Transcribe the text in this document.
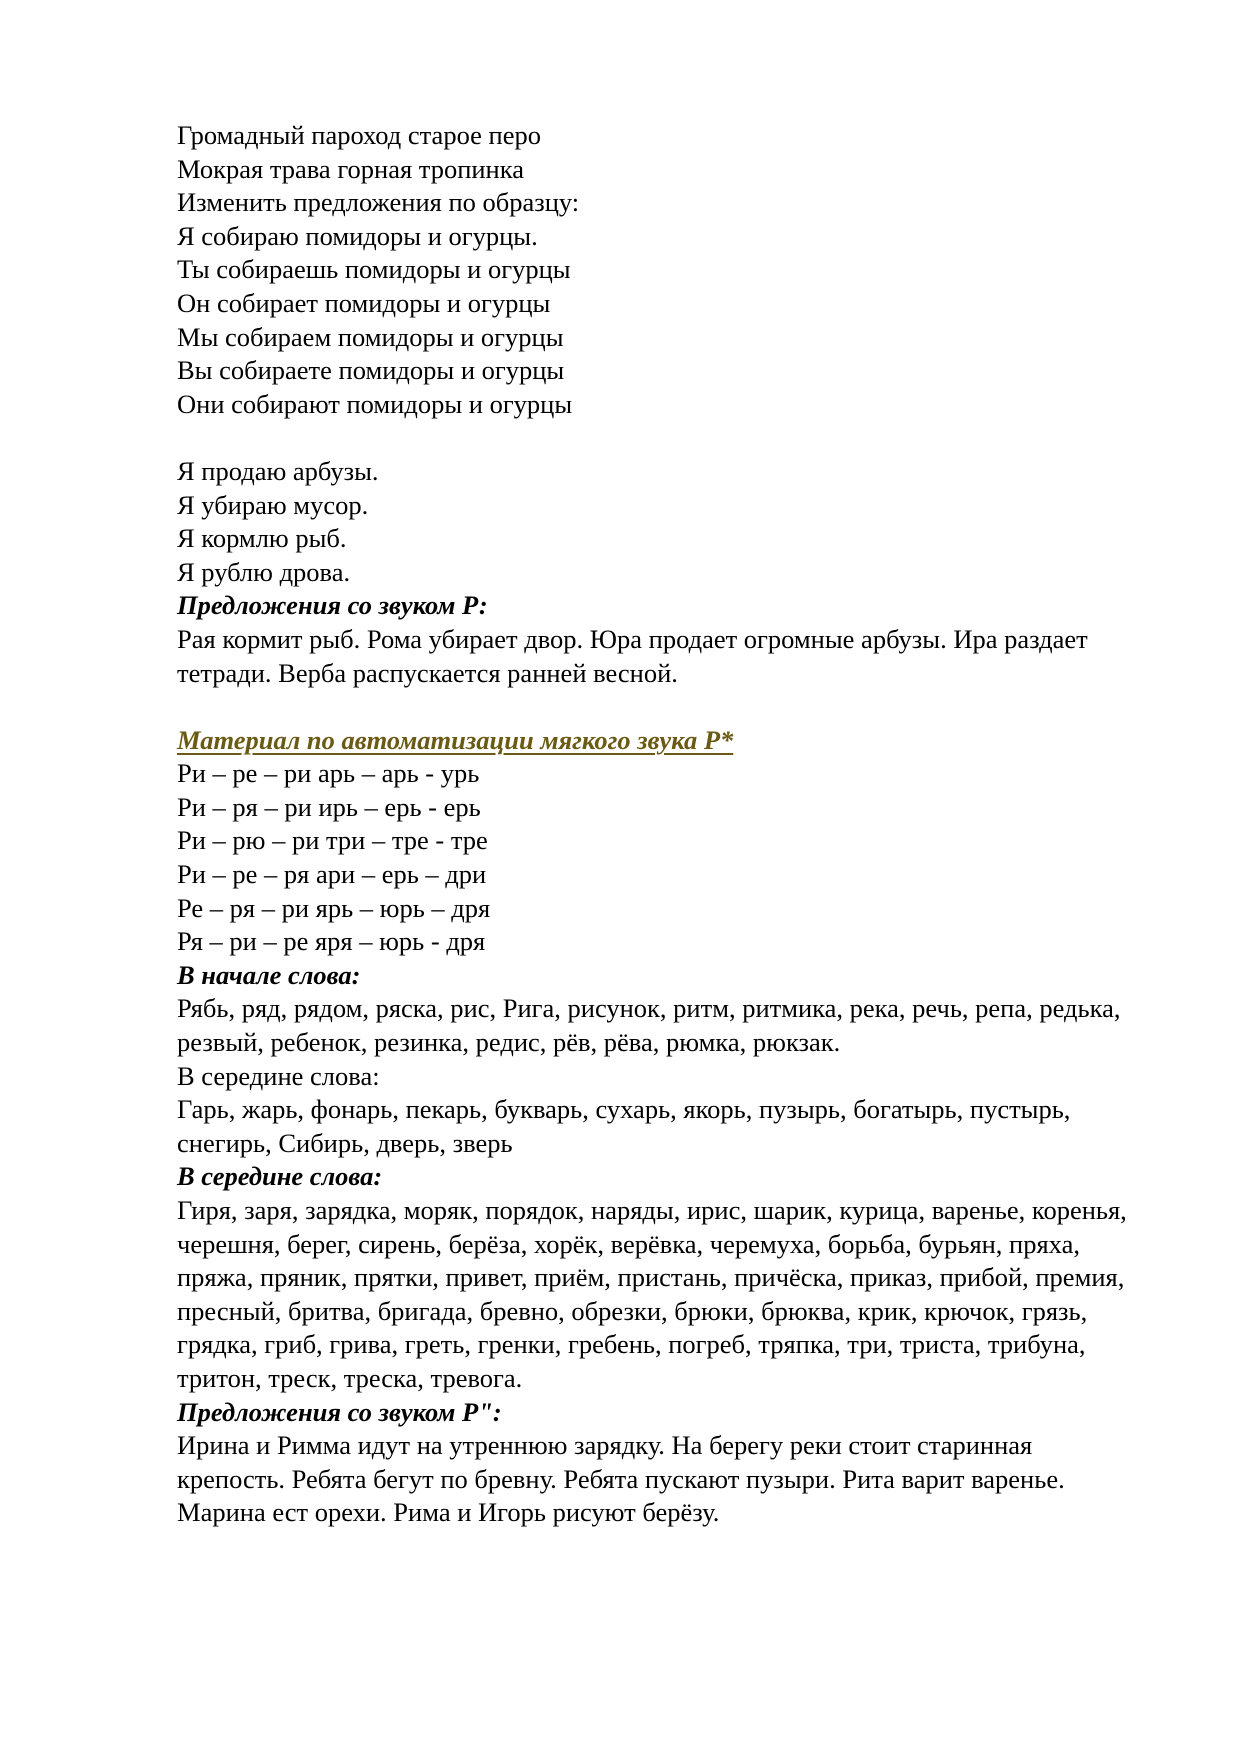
Громадный пароход старое перо
Мокрая трава горная тропинка
Изменить предложения по образцу:
Я собираю помидоры и огурцы.
Ты собираешь помидоры и огурцы
Он собирает помидоры и огурцы
Мы собираем помидоры и огурцы
Вы собираете помидоры и огурцы
Они собирают помидоры и огурцы
Я продаю арбузы.
Я убираю мусор.
Я кормлю рыб.
Я рублю дрова.
Предложения со звуком Р:
Рая кормит рыб. Рома убирает двор. Юра продает огромные арбузы. Ира раздает тетради. Верба распускается ранней весной.
Материал по автоматизации мягкого звука Р*
Ри – ре – ри арь – арь - урь
Ри – ря – ри ирь – ерь - ерь
Ри – рю – ри три – тре - тре
Ри – ре – ря ари – ерь – дри
Ре – ря – ри ярь – юрь – дря
Ря – ри – ре яря – юрь - дря
В начале слова:
Рябь, ряд, рядом, ряска, рис, Рига, рисунок, ритм, ритмика, река, речь, репа, редька, резвый, ребенок, резинка, редис, рёв, рёва, рюмка, рюкзак.
В середине слова:
Гарь, жарь, фонарь, пекарь, букварь, сухарь, якорь, пузырь, богатырь, пустырь, снегирь, Сибирь, дверь, зверь
В середине слова:
Гиря, заря, зарядка, моряк, порядок, наряды, ирис, шарик, курица, варенье, коренья, черешня, берег, сирень, берёза, хорёк, верёвка, черемуха, борьба, бурьян, пряха, пряжа, пряник, прятки, привет, приём, пристань, причёска, приказ, прибой, премия, пресный, бритва, бригада, бревно, обрезки, брюки, брюква, крик, крючок, грязь, грядка, гриб, грива, греть, гренки, гребень, погреб, тряпка, три, триста, трибуна, тритон, треск, треска, тревога.
Предложения со звуком Р":
Ирина и Римма идут на утреннюю зарядку. На берегу реки стоит старинная крепость. Ребята бегут по бревну. Ребята пускают пузыри. Рита варит варенье. Марина ест орехи. Рима и Игорь рисуют берёзу.
